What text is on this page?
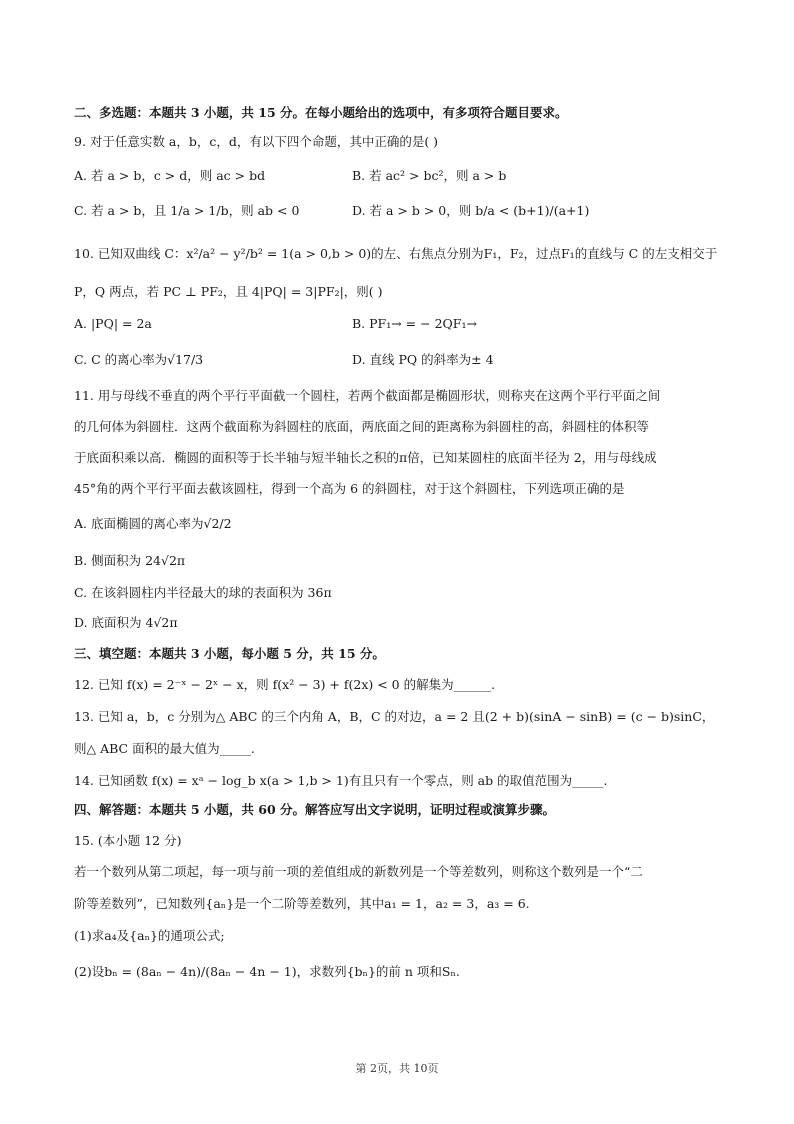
二、多选题：本题共 3 小题，共 15 分。在每小题给出的选项中，有多项符合题目要求。
9. 对于任意实数 a，b，c，d，有以下四个命题，其中正确的是( )
A. 若 a > b，c > d，则 ac > bd	B. 若 ac² > bc²，则 a > b
C. 若 a > b，且 1/a > 1/b，则 ab < 0	D. 若 a > b > 0，则 b/a < (b+1)/(a+1)
10. 已知双曲线 C：x²/a² − y²/b² = 1(a > 0,b > 0)的左、右焦点分别为F₁，F₂，过点F₁的直线与 C 的左支相交于
P，Q 两点，若 PC ⊥ PF₂，且 4|PQ| = 3|PF₂|，则( )
A. |PQ| = 2a	B. PF₁→ = − 2QF₁→
C. C 的离心率为√17/3	D. 直线 PQ 的斜率为± 4
11. 用与母线不垂直的两个平行平面截一个圆柱，若两个截面都是椭圆形状，则称夹在这两个平行平面之间
的几何体为斜圆柱．这两个截面称为斜圆柱的底面，两底面之间的距离称为斜圆柱的高，斜圆柱的体积等
于底面积乘以高．椭圆的面积等于长半轴与短半轴长之积的π倍，已知某圆柱的底面半径为 2，用与母线成
45°角的两个平行平面去截该圆柱，得到一个高为 6 的斜圆柱，对于这个斜圆柱，下列选项正确的是
A. 底面椭圆的离心率为√2/2
B. 侧面积为 24√2π
C. 在该斜圆柱内半径最大的球的表面积为 36π
D. 底面积为 4√2π
三、填空题：本题共 3 小题，每小题 5 分，共 15 分。
12. 已知 f(x) = 2⁻ˣ − 2ˣ − x，则 f(x² − 3) + f(2x) < 0 的解集为______.
13. 已知 a，b，c 分别为△ ABC 的三个内角 A，B，C 的对边，a = 2 且(2 + b)(sinA − sinB) = (c − b)sinC，
则△ ABC 面积的最大值为_____.
14. 已知函数 f(x) = xᵃ − log_b x(a > 1,b > 1)有且只有一个零点，则 ab 的取值范围为_____.
四、解答题：本题共 5 小题，共 60 分。解答应写出文字说明，证明过程或演算步骤。
15. (本小题 12 分)
若一个数列从第二项起，每一项与前一项的差值组成的新数列是一个等差数列，则称这个数列是一个“二
阶等差数列”，已知数列{aₙ}是一个二阶等差数列，其中a₁ = 1，a₂ = 3，a₃ = 6.
(1)求a₄及{aₙ}的通项公式;
(2)设bₙ = (8aₙ − 4n)/(8aₙ − 4n − 1)，求数列{bₙ}的前 n 项和Sₙ.
第 2页，共 10页
